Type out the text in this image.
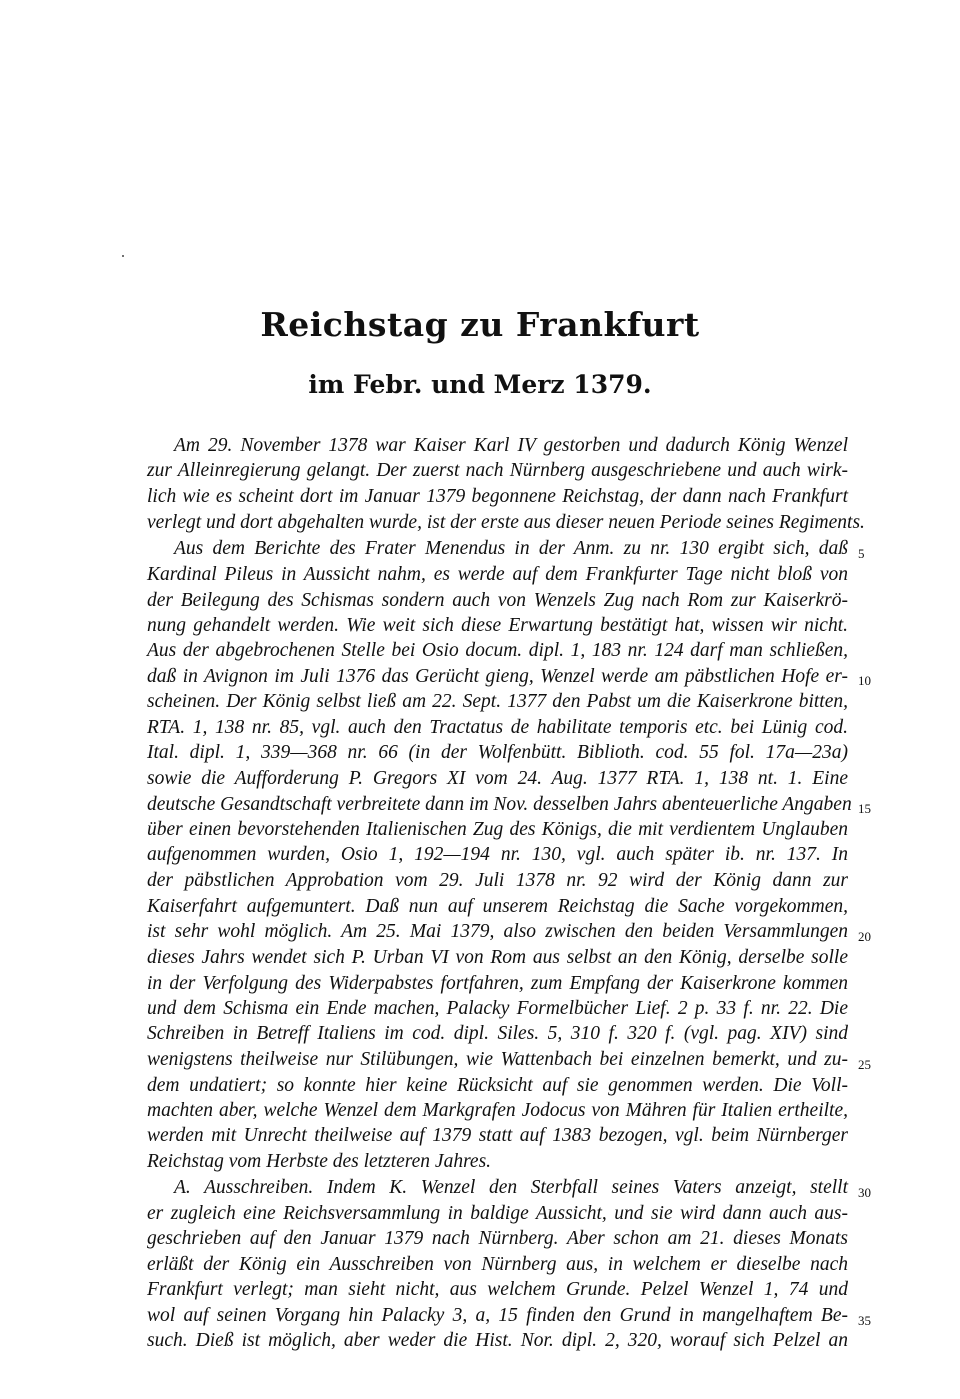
Reichstag zu Frankfurt
im Febr. und Merz 1379.
Am 29. November 1378 war Kaiser Karl IV gestorben und dadurch König Wenzel
zur Alleinregierung gelangt. Der zuerst nach Nürnberg ausgeschriebene und auch wirk-
lich wie es scheint dort im Januar 1379 begonnene Reichstag, der dann nach Frankfurt
verlegt und dort abgehalten wurde, ist der erste aus dieser neuen Periode seines Regiments.
Aus dem Berichte des Frater Menendus in der Anm. zu nr. 130 ergibt sich, daß
Kardinal Pileus in Aussicht nahm, es werde auf dem Frankfurter Tage nicht bloß von
der Beilegung des Schismas sondern auch von Wenzels Zug nach Rom zur Kaiserkrö-
nung gehandelt werden. Wie weit sich diese Erwartung bestätigt hat, wissen wir nicht.
Aus der abgebrochenen Stelle bei Osio docum. dipl. 1, 183 nr. 124 darf man schließen,
daß in Avignon im Juli 1376 das Gerücht gieng, Wenzel werde am päbstlichen Hofe er-
scheinen. Der König selbst ließ am 22. Sept. 1377 den Pabst um die Kaiserkrone bitten,
RTA. 1, 138 nr. 85, vgl. auch den Tractatus de habilitate temporis etc. bei Lünig cod.
Ital. dipl. 1, 339—368 nr. 66 (in der Wolfenbütt. Biblioth. cod. 55 fol. 17a—23a)
sowie die Aufforderung P. Gregors XI vom 24. Aug. 1377 RTA. 1, 138 nt. 1. Eine
deutsche Gesandtschaft verbreitete dann im Nov. desselben Jahrs abenteuerliche Angaben
über einen bevorstehenden Italienischen Zug des Königs, die mit verdientem Unglauben
aufgenommen wurden, Osio 1, 192—194 nr. 130, vgl. auch später ib. nr. 137. In
der päbstlichen Approbation vom 29. Juli 1378 nr. 92 wird der König dann zur
Kaiserfahrt aufgemuntert. Daß nun auf unserem Reichstag die Sache vorgekommen,
ist sehr wohl möglich. Am 25. Mai 1379, also zwischen den beiden Versammlungen
dieses Jahrs wendet sich P. Urban VI von Rom aus selbst an den König, derselbe solle
in der Verfolgung des Widerpabstes fortfahren, zum Empfang der Kaiserkrone kommen
und dem Schisma ein Ende machen, Palacky Formelbücher Lief. 2 p. 33 f. nr. 22. Die
Schreiben in Betreff Italiens im cod. dipl. Siles. 5, 310 f. 320 f. (vgl. pag. XIV) sind
wenigstens theilweise nur Stilübungen, wie Wattenbach bei einzelnen bemerkt, und zu-
dem undatiert; so konnte hier keine Rücksicht auf sie genommen werden. Die Voll-
machten aber, welche Wenzel dem Markgrafen Jodocus von Mähren für Italien ertheilte,
werden mit Unrecht theilweise auf 1379 statt auf 1383 bezogen, vgl. beim Nürnberger
Reichstag vom Herbste des letzteren Jahres.
A. Ausschreiben. Indem K. Wenzel den Sterbfall seines Vaters anzeigt, stellt
er zugleich eine Reichsversammlung in baldige Aussicht, und sie wird dann auch aus-
geschrieben auf den Januar 1379 nach Nürnberg. Aber schon am 21. dieses Monats
erläßt der König ein Ausschreiben von Nürnberg aus, in welchem er dieselbe nach
Frankfurt verlegt; man sieht nicht, aus welchem Grunde. Pelzel Wenzel 1, 74 und
wol auf seinen Vorgang hin Palacky 3, a, 15 finden den Grund in mangelhaftem Be-
such. Dieß ist möglich, aber weder die Hist. Nor. dipl. 2, 320, worauf sich Pelzel an
5
10
15
20
25
30
35
